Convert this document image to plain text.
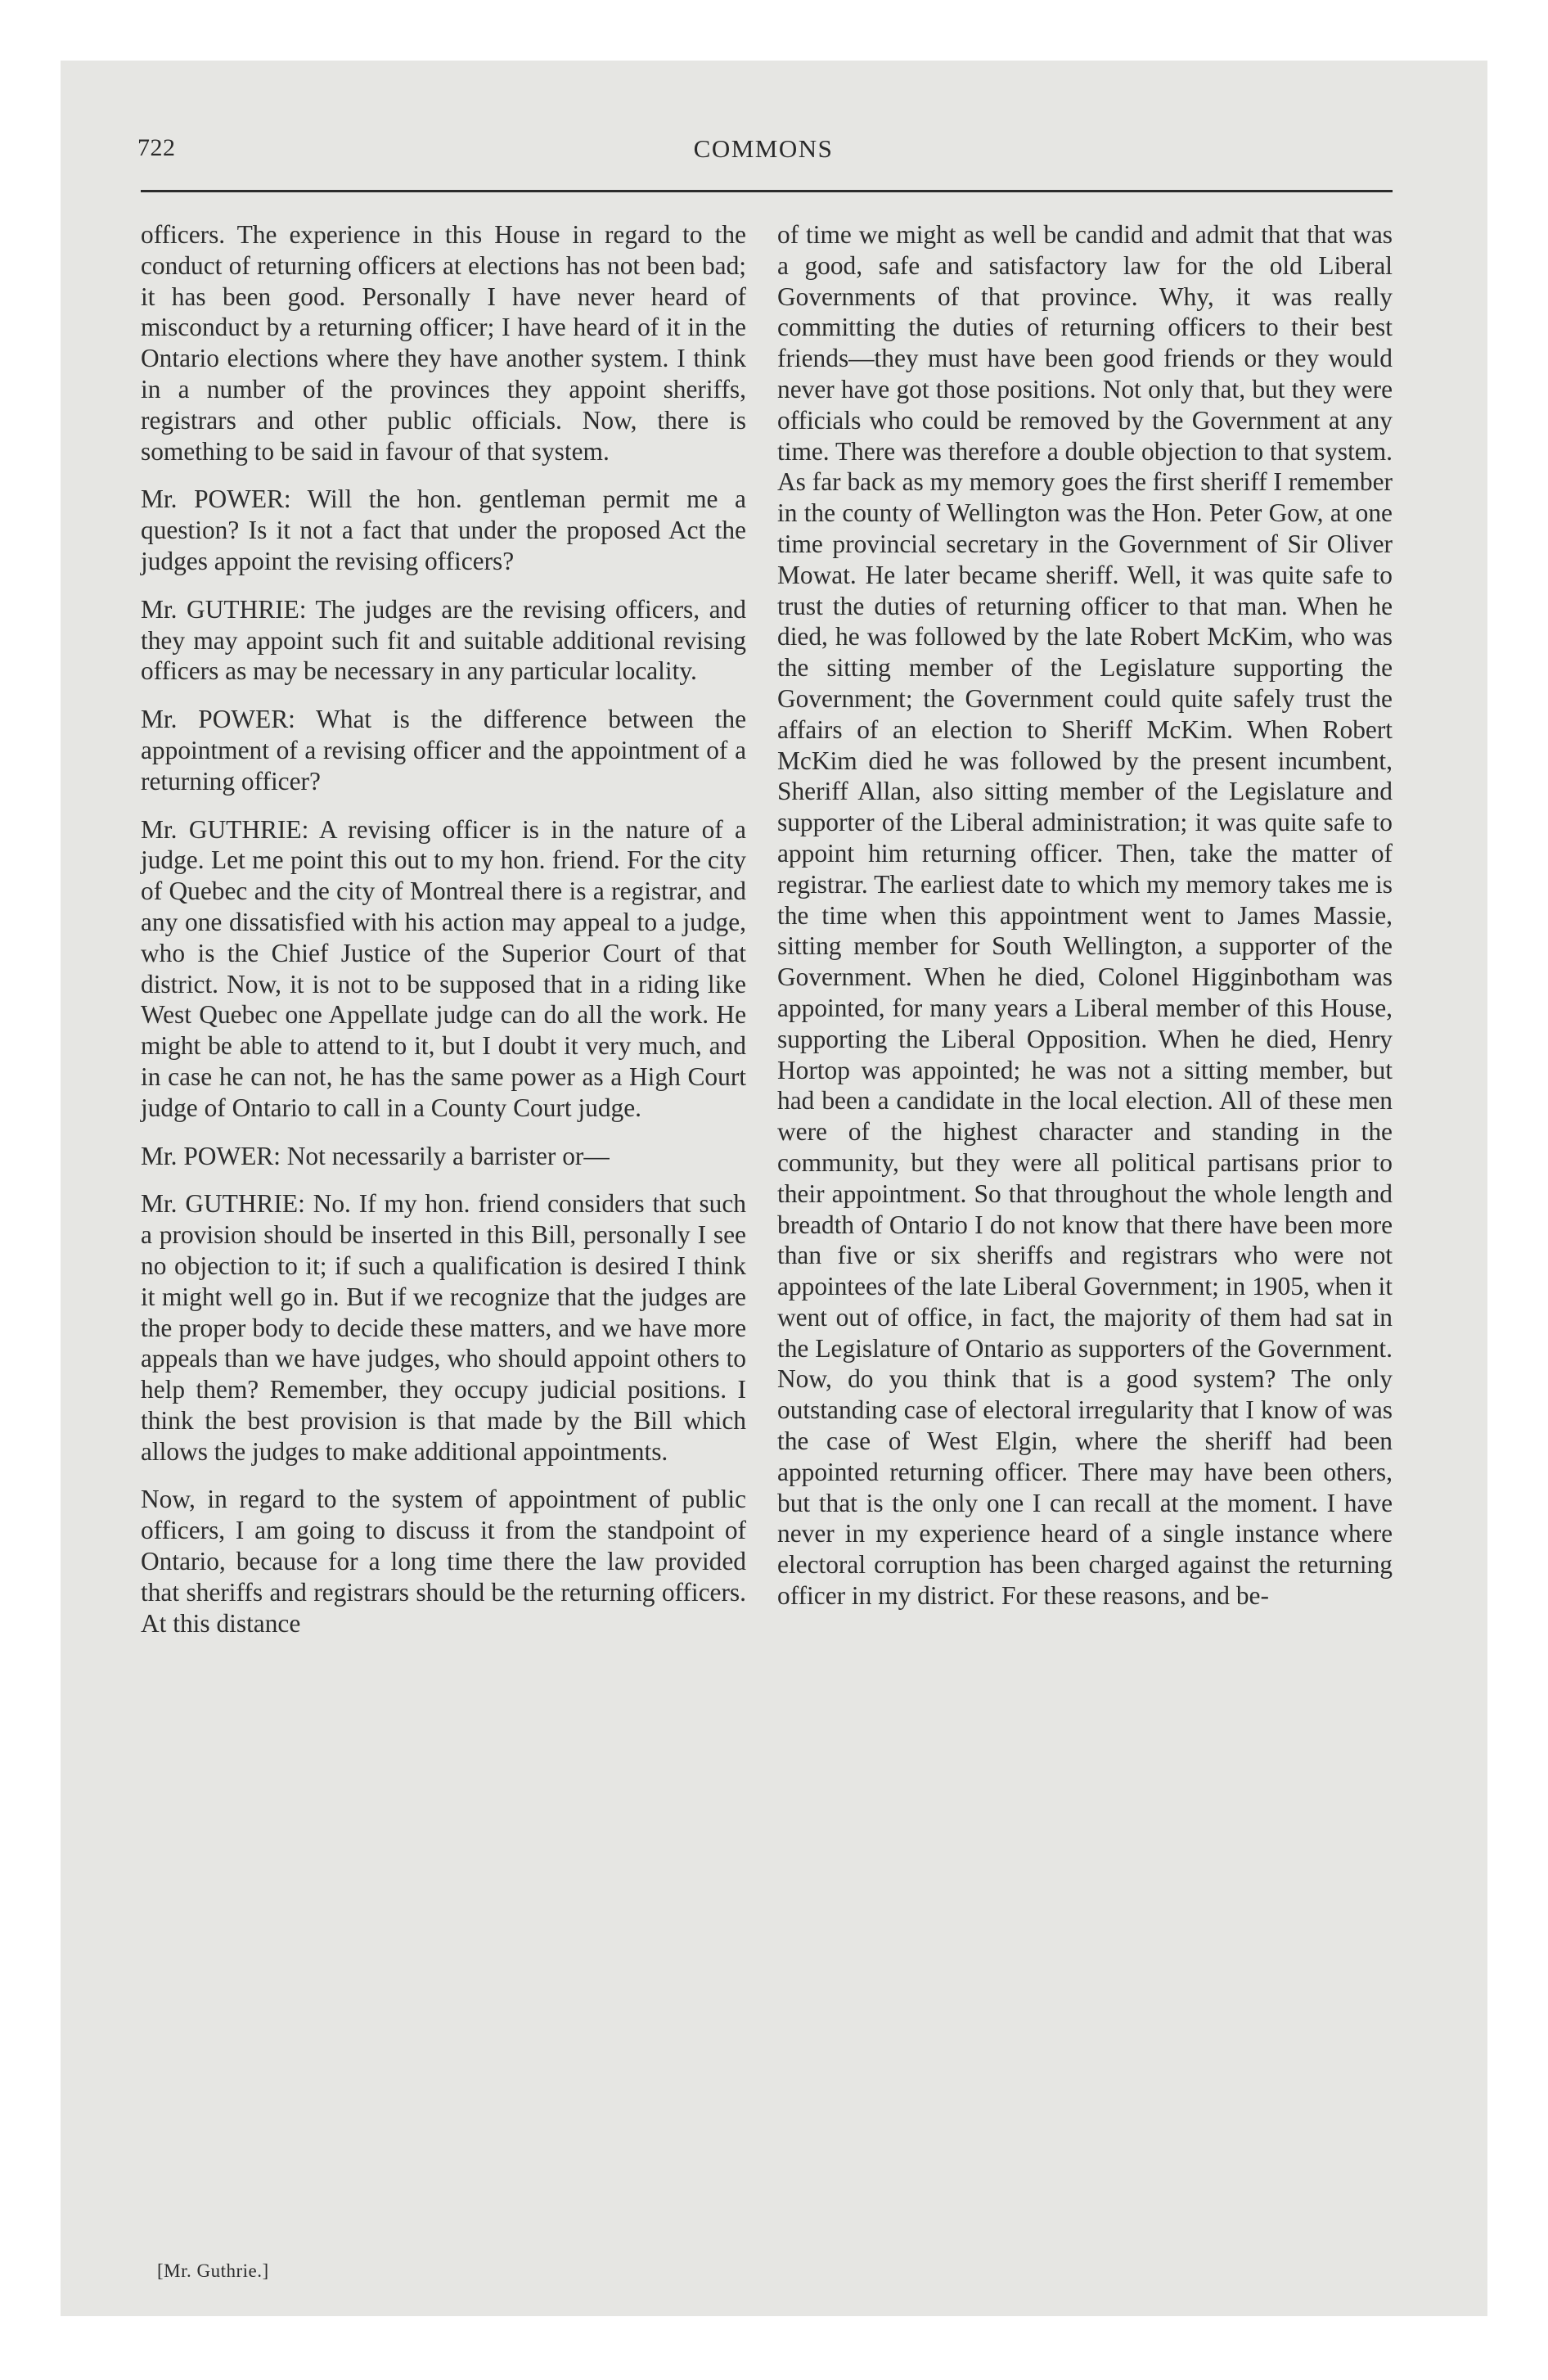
722	COMMONS

officers. The experience in this House in regard to the conduct of returning officers at elections has not been bad; it has been good. Personally I have never heard of misconduct by a returning officer; I have heard of it in the Ontario elections where they have another system. I think in a number of the provinces they appoint sheriffs, registrars and other public officials. Now, there is something to be said in favour of that system.

Mr. POWER: Will the hon. gentleman permit me a question? Is it not a fact that under the proposed Act the judges appoint the revising officers?

Mr. GUTHRIE: The judges are the revising officers, and they may appoint such fit and suitable additional revising officers as may be necessary in any particular locality.

Mr. POWER: What is the difference between the appointment of a revising officer and the appointment of a returning officer?

Mr. GUTHRIE: A revising officer is in the nature of a judge. Let me point this out to my hon. friend. For the city of Quebec and the city of Montreal there is a registrar, and any one dissatisfied with his action may appeal to a judge, who is the Chief Justice of the Superior Court of that district. Now, it is not to be supposed that in a riding like West Quebec one Appellate judge can do all the work. He might be able to attend to it, but I doubt it very much, and in case he can not, he has the same power as a High Court judge of Ontario to call in a County Court judge.

Mr. POWER: Not necessarily a barrister or—

Mr. GUTHRIE: No. If my hon. friend considers that such a provision should be inserted in this Bill, personally I see no objection to it; if such a qualification is desired I think it might well go in. But if we recognize that the judges are the proper body to decide these matters, and we have more appeals than we have judges, who should appoint others to help them? Remember, they occupy judicial positions. I think the best provision is that made by the Bill which allows the judges to make additional appointments.

Now, in regard to the system of appointment of public officers, I am going to discuss it from the standpoint of Ontario, because for a long time there the law provided that sheriffs and registrars should be the returning officers. At this distance

of time we might as well be candid and admit that that was a good, safe and satisfactory law for the old Liberal Governments of that province. Why, it was really committing the duties of returning officers to their best friends—they must have been good friends or they would never have got those positions. Not only that, but they were officials who could be removed by the Government at any time. There was therefore a double objection to that system. As far back as my memory goes the first sheriff I remember in the county of Wellington was the Hon. Peter Gow, at one time provincial secretary in the Government of Sir Oliver Mowat. He later became sheriff. Well, it was quite safe to trust the duties of returning officer to that man. When he died, he was followed by the late Robert McKim, who was the sitting member of the Legislature supporting the Government; the Government could quite safely trust the affairs of an election to Sheriff McKim. When Robert McKim died he was followed by the present incumbent, Sheriff Allan, also sitting member of the Legislature and supporter of the Liberal administration; it was quite safe to appoint him returning officer. Then, take the matter of registrar. The earliest date to which my memory takes me is the time when this appointment went to James Massie, sitting member for South Wellington, a supporter of the Government. When he died, Colonel Higginbotham was appointed, for many years a Liberal member of this House, supporting the Liberal Opposition. When he died, Henry Hortop was appointed; he was not a sitting member, but had been a candidate in the local election. All of these men were of the highest character and standing in the community, but they were all political partisans prior to their appointment. So that throughout the whole length and breadth of Ontario I do not know that there have been more than five or six sheriffs and registrars who were not appointees of the late Liberal Government; in 1905, when it went out of office, in fact, the majority of them had sat in the Legislature of Ontario as supporters of the Government. Now, do you think that is a good system? The only outstanding case of electoral irregularity that I know of was the case of West Elgin, where the sheriff had been appointed returning officer. There may have been others, but that is the only one I can recall at the moment. I have never in my experience heard of a single instance where electoral corruption has been charged against the returning officer in my district. For these reasons, and be-

[Mr. Guthrie.]
